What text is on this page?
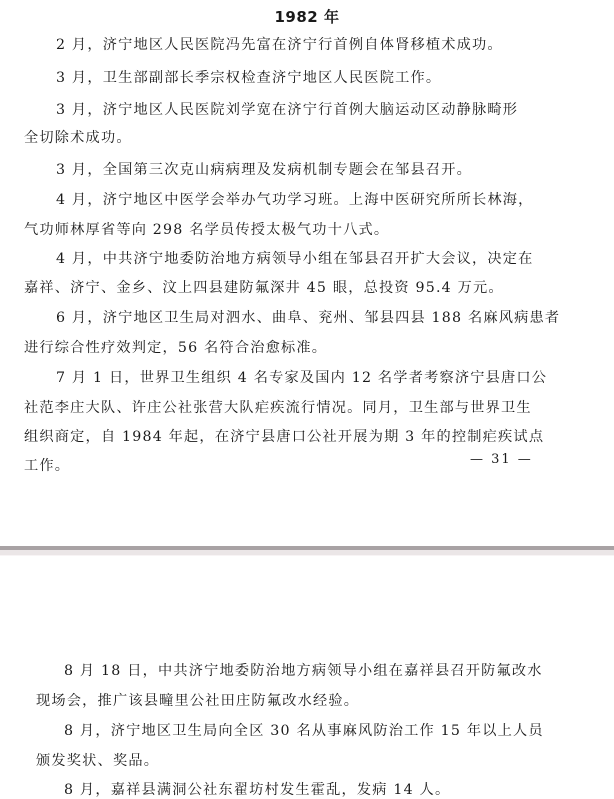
1982 年
2 月，济宁地区人民医院冯先富在济宁行首例自体肾移植术成功。
3 月，卫生部副部长季宗权检查济宁地区人民医院工作。
3 月，济宁地区人民医院刘学宽在济宁行首例大脑运动区动静脉畸形
全切除术成功。
3 月，全国第三次克山病病理及发病机制专题会在邹县召开。
4 月，济宁地区中医学会举办气功学习班。上海中医研究所所长林海，
气功师林厚省等向 298 名学员传授太极气功十八式。
4 月，中共济宁地委防治地方病领导小组在邹县召开扩大会议，决定在
嘉祥、济宁、金乡、汶上四县建防氟深井 45 眼，总投资 95.4 万元。
6 月，济宁地区卫生局对泗水、曲阜、兖州、邹县四县 188 名麻风病患者
进行综合性疗效判定，56 名符合治愈标准。
7 月 1 日，世界卫生组织 4 名专家及国内 12 名学者考察济宁县唐口公
社范李庄大队、许庄公社张营大队疟疾流行情况。同月，卫生部与世界卫生
组织商定，自 1984 年起，在济宁县唐口公社开展为期 3 年的控制疟疾试点
工作。	— 31 —
8 月 18 日，中共济宁地委防治地方病领导小组在嘉祥县召开防氟改水
现场会，推广该县疃里公社田庄防氟改水经验。
8 月，济宁地区卫生局向全区 30 名从事麻风防治工作 15 年以上人员
颁发奖状、奖品。
8 月，嘉祥县满洞公社东翟坊村发生霍乱，发病 14 人。
